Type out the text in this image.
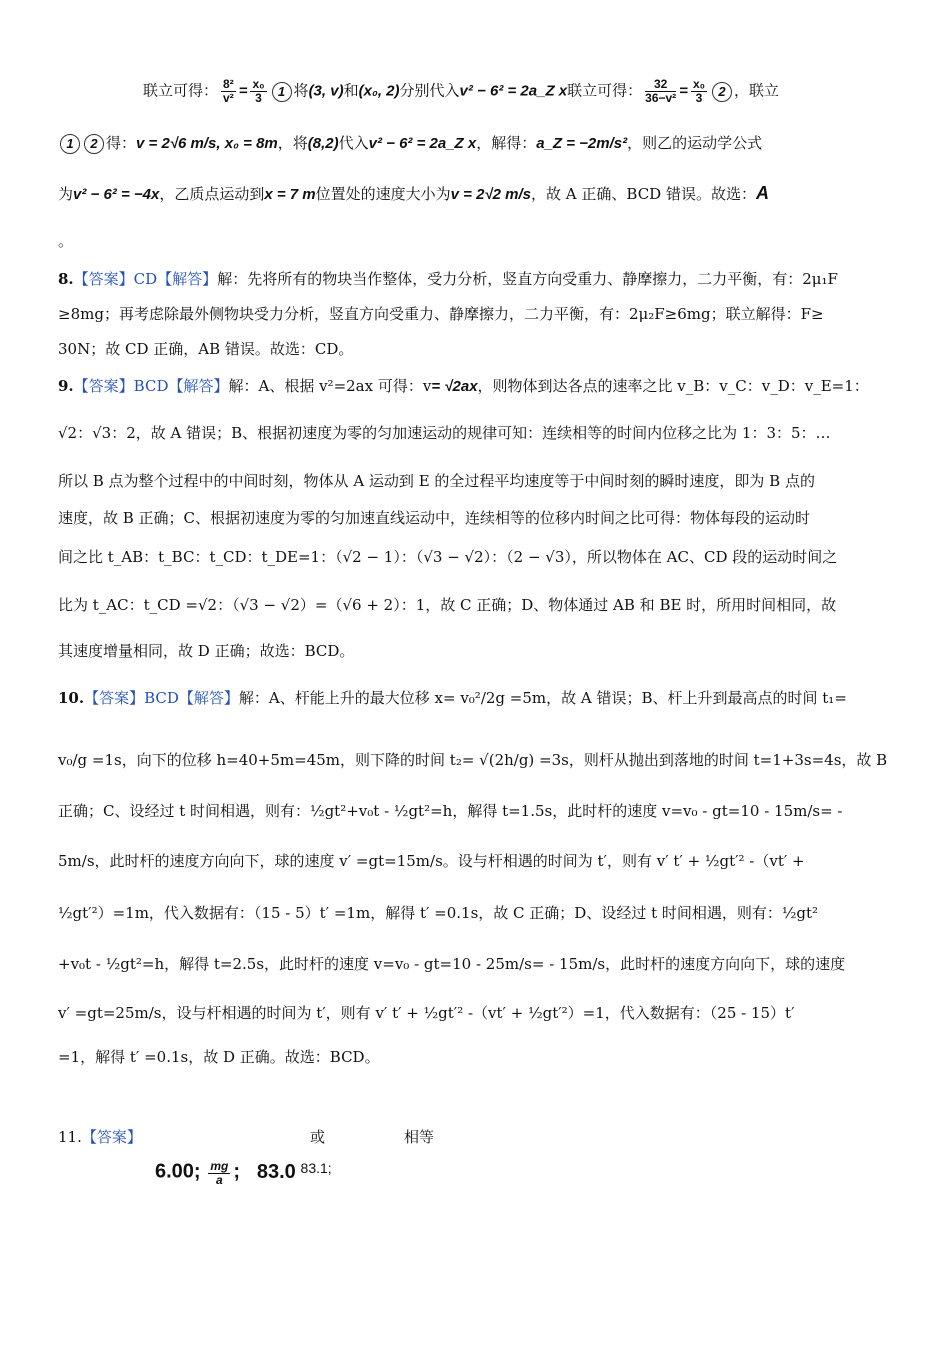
联立可得： $\frac{\text{8²}}{\text{v²}} = \frac{\text{x₀}}{3} 1$ 将(3, v)和(x₀, 2)分别代入v² − 6² = 2a_Z x联立可得： $\frac{32}{\text{36−v²}} = \frac{\text{x₀}}{3} 2$ ，联立
1 2 得：v = 2√6 m/s, x₀ = 8m，将(8,2)代入v² − 6² = 2a_Z x，解得：a_Z = −2m/s²，则乙的运动学公式
为v² − 6² = −4x，乙质点运动到x = 7 m位置处的速度大小为v = 2√2 m/s，故 A 正确、BCD 错误。故选：A
。
8.【答案】CD【解答】解：先将所有的物块当作整体，受力分析，竖直方向受重力、静摩擦力，二力平衡，有：2μ₁F
≥8mg；再考虑除最外侧物块受力分析，竖直方向受重力、静摩擦力，二力平衡，有：2μ₂F≥6mg；联立解得：F≥
30N；故 CD 正确，AB 错误。故选：CD。
9.【答案】BCD【解答】解：A、根据 v²=2ax 可得：v= √2ax，则物体到达各点的速率之比 v_B：v_C：v_D：v_E=1：
√2：√3：2，故 A 错误；B、根据初速度为零的匀加速运动的规律可知：连续相等的时间内位移之比为 1：3：5：…
所以 B 点为整个过程中的中间时刻，物体从 A 运动到 E 的全过程平均速度等于中间时刻的瞬时速度，即为 B 点的
速度，故 B 正确；C、根据初速度为零的匀加速直线运动中，连续相等的位移内时间之比可得：物体每段的运动时
间之比 t_AB：t_BC：t_CD：t_DE=1：（√2 − 1）：（√3 − √2）：（2 − √3），所以物体在 AC、CD 段的运动时间之
比为 t_AC：t_CD =√2：（√3 − √2）=（√6 + 2）：1，故 C 正确；D、物体通过 AB 和 BE 时，所用时间相同，故
其速度增量相同，故 D 正确；故选：BCD。
10.【答案】BCD【解答】解：A、杆能上升的最大位移 x= v₀²/2g =5m，故 A 错误；B、杆上升到最高点的时间 t₁=
v₀/g =1s，向下的位移 h=40+5m=45m，则下降的时间 t₂= √(2h/g) =3s，则杆从抛出到落地的时间 t=1+3s=4s，故 B
正确；C、设经过 t 时间相遇，则有：½gt²+v₀t - ½gt²=h，解得 t=1.5s，此时杆的速度 v=v₀ - gt=10 - 15m/s= -
5m/s，此时杆的速度方向向下，球的速度 v′ =gt=15m/s。设与杆相遇的时间为 t′，则有 v′ t′ + ½gt′² -（vt′ +
½gt′²）=1m，代入数据有：（15 - 5）t′ =1m，解得 t′ =0.1s，故 C 正确；D、设经过 t 时间相遇，则有：½gt²
+v₀t - ½gt²=h，解得 t=2.5s，此时杆的速度 v=v₀ - gt=10 - 25m/s= - 15m/s，此时杆的速度方向向下，球的速度
v′ =gt=25m/s，设与杆相遇的时间为 t′，则有 v′ t′ + ½gt′² -（vt′ + ½gt′²）=1，代入数据有：（25 - 15）t′
=1，解得 t′ =0.1s，故 D 正确。故选：BCD。
11.【答案】	或	相等
6.00; $\frac{mg}{a}$ ; 83.0 83.1;
